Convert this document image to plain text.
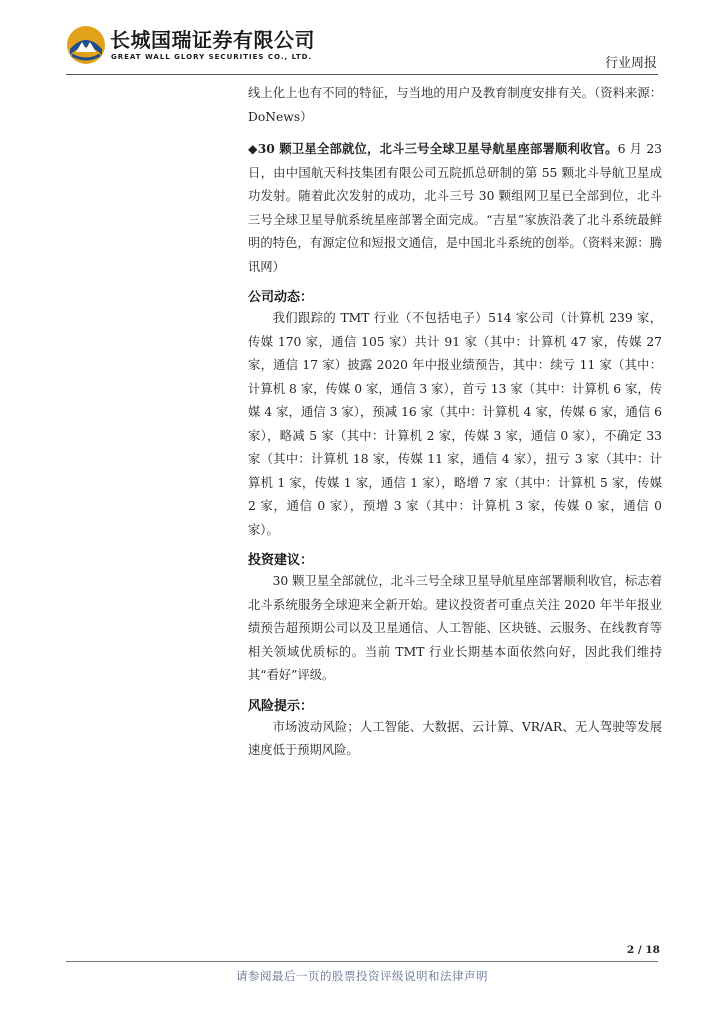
长城国瑞证券有限公司
GREAT WALL GLORY SECURITIES CO., LTD.	行业周报

线上化上也有不同的特征，与当地的用户及教育制度安排有关。（资料来源：DoNews）

◆30 颗卫星全部就位，北斗三号全球卫星导航星座部署顺利收官。6 月 23 日，由中国航天科技集团有限公司五院抓总研制的第 55 颗北斗导航卫星成功发射。随着此次发射的成功，北斗三号 30 颗组网卫星已全部到位，北斗三号全球卫星导航系统星座部署全面完成。“吉星”家族沿袭了北斗系统最鲜明的特色，有源定位和短报文通信，是中国北斗系统的创举。（资料来源：腾讯网）

公司动态：

我们跟踪的 TMT 行业（不包括电子）514 家公司（计算机 239 家，传媒 170 家，通信 105 家）共计 91 家（其中：计算机 47 家，传媒 27 家，通信 17 家）披露 2020 年中报业绩预告，其中：续亏 11 家（其中：计算机 8 家，传媒 0 家，通信 3 家），首亏 13 家（其中：计算机 6 家，传媒 4 家，通信 3 家），预减 16 家（其中：计算机 4 家，传媒 6 家，通信 6 家），略减 5 家（其中：计算机 2 家，传媒 3 家，通信 0 家），不确定 33 家（其中：计算机 18 家，传媒 11 家，通信 4 家），扭亏 3 家（其中：计算机 1 家，传媒 1 家，通信 1 家），略增 7 家（其中：计算机 5 家，传媒 2 家，通信 0 家），预增 3 家（其中：计算机 3 家，传媒 0 家，通信 0 家）。

投资建议：

30 颗卫星全部就位，北斗三号全球卫星导航星座部署顺利收官，标志着北斗系统服务全球迎来全新开始。建议投资者可重点关注 2020 年半年报业绩预告超预期公司以及卫星通信、人工智能、区块链、云服务、在线教育等相关领域优质标的。当前 TMT 行业长期基本面依然向好，因此我们维持其“看好”评级。

风险提示：

市场波动风险；人工智能、大数据、云计算、VR/AR、无人驾驶等发展速度低于预期风险。

2 / 18
请参阅最后一页的股票投资评级说明和法律声明
